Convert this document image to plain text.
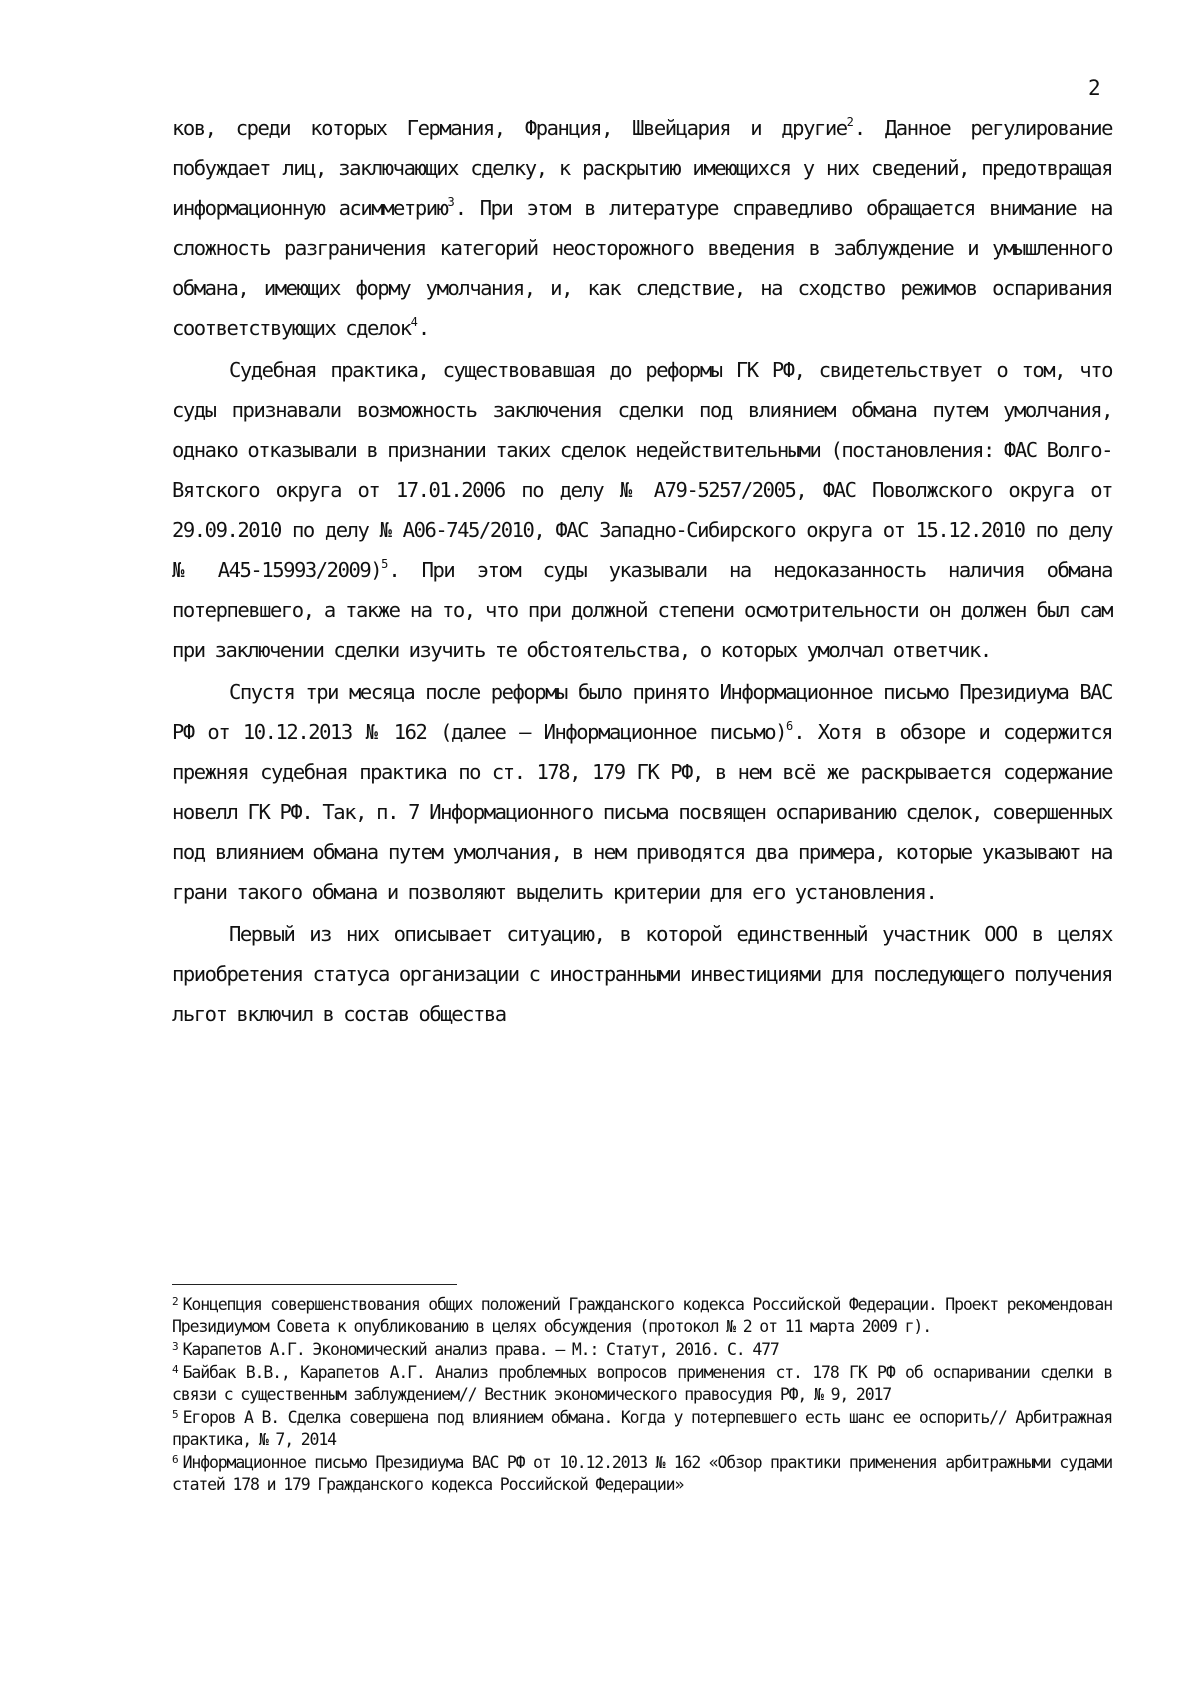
2

ков, среди которых Германия, Франция, Швейцария и другие$^2$. Данное регулирование побуждает лиц, заключающих сделку, к раскрытию имеющихся у них сведений, предотвращая информационную асимметрию$^3$. При этом в литературе справедливо обращается внимание на сложность разграничения категорий неосторожного введения в заблуждение и умышленного обмана, имеющих форму умолчания, и, как следствие, на сходство режимов оспаривания соответствующих сделок$^4$.

Судебная практика, существовавшая до реформы ГК РФ, свидетельствует о том, что суды признавали возможность заключения сделки под влиянием обмана путем умолчания, однако отказывали в признании таких сделок недействительными (постановления: ФАС Волго-Вятского округа от 17.01.2006 по делу № А79-5257/2005, ФАС Поволжского округа от 29.09.2010 по делу № А06-745/2010, ФАС Западно-Сибирского округа от 15.12.2010 по делу № А45-15993/2009)$^5$. При этом суды указывали на недоказанность наличия обмана потерпевшего, а также на то, что при должной степени осмотрительности он должен был сам при заключении сделки изучить те обстоятельства, о которых умолчал ответчик.

Спустя три месяца после реформы было принято Информационное письмо Президиума ВАС РФ от 10.12.2013 № 162 (далее – Информационное письмо)$^6$. Хотя в обзоре и содержится прежняя судебная практика по ст. 178, 179 ГК РФ, в нем всё же раскрывается содержание новелл ГК РФ. Так, п. 7 Информационного письма посвящен оспариванию сделок, совершенных под влиянием обмана путем умолчания, в нем приводятся два примера, которые указывают на грани такого обмана и позволяют выделить критерии для его установления.

Первый из них описывает ситуацию, в которой единственный участник ООО в целях приобретения статуса организации с иностранными инвестициями для последующего получения льгот включил в состав общества

$^2$ Концепция совершенствования общих положений Гражданского кодекса Российской Федерации. Проект рекомендован Президиумом Совета к опубликованию в целях обсуждения (протокол № 2 от 11 марта 2009 г).

$^3$ Карапетов А.Г. Экономический анализ права. – М.: Статут, 2016. С. 477

$^4$ Байбак В.В., Карапетов А.Г. Анализ проблемных вопросов применения ст. 178 ГК РФ об оспаривании сделки в связи с существенным заблуждением// Вестник экономического правосудия РФ, № 9, 2017

$^5$ Егоров А В. Сделка совершена под влиянием обмана. Когда у потерпевшего есть шанс ее оспорить// Арбитражная практика, № 7, 2014

$^6$ Информационное письмо Президиума ВАС РФ от 10.12.2013 № 162 «Обзор практики применения арбитражными судами статей 178 и 179 Гражданского кодекса Российской Федерации»
